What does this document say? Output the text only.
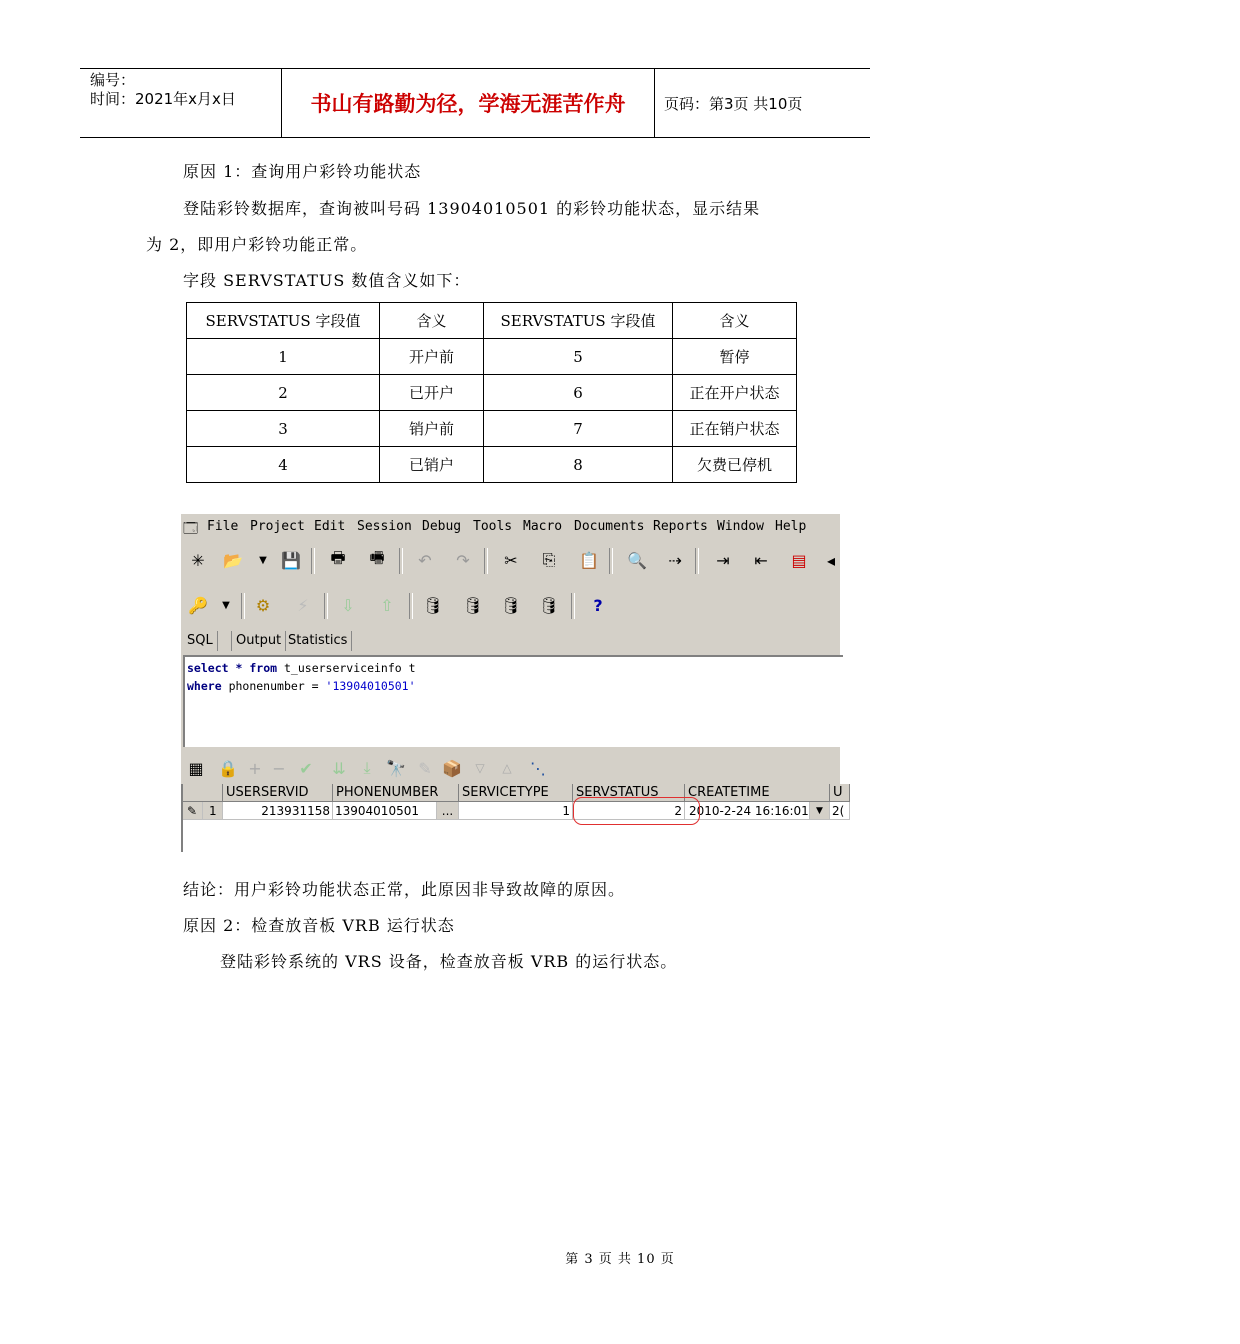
编号：
时间：2021年x月x日	书山有路勤为径，学海无涯苦作舟	页码：第3页 共10页
原因 1：查询用户彩铃功能状态
登陆彩铃数据库，查询被叫号码 13904010501 的彩铃功能状态，显示结果
为 2，即用户彩铃功能正常。
字段 SERVSTATUS 数值含义如下：
SERVSTATUS 字段值	含义	SERVSTATUS 字段值	含义
1	开户前	5	暂停
2	已开户	6	正在开户状态
3	销户前	7	正在销户状态
4	已销户	8	欠费已停机
🗔 File Project Edit Session Debug Tools Macro Documents Reports Window Help
✳	📂	▼ 💾 🖶 🖷	↶	↷	✂	⎘	📋 🔍	⇢	⇥	⇤	▤	◂
🔑	▼	⚙	⚡	⇩	⇧	🛢 🛢 🛢 🛢	?
SQL	Output Statistics
select * from t_userserviceinfo t
where phonenumber = '13904010501'
▦ 🔒 + − ✔	⇊	⤓ 🔭 ✎ 📦	▽	△	⋱
USERSERVID	PHONENUMBER	SERVICETYPE	SERVSTATUS	CREATETIME	U
✎ 1	213931158 13904010501	...	1	2 2010-2-24 16:16:01 ▼ 2(
结论：用户彩铃功能状态正常，此原因非导致故障的原因。
原因 2：检查放音板 VRB 运行状态
登陆彩铃系统的 VRS 设备，检查放音板 VRB 的运行状态。
第 3 页 共 10 页
